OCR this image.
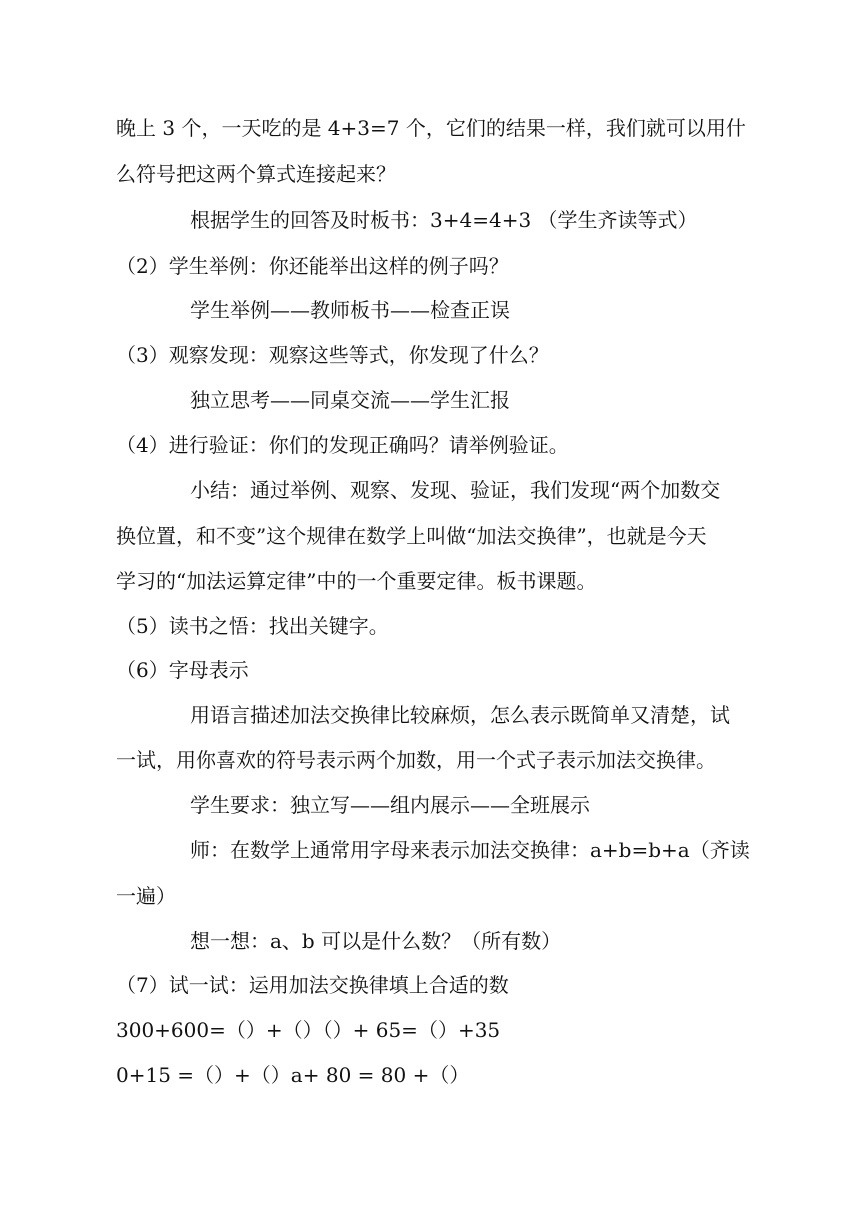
晚上 3 个，一天吃的是 4+3=7 个，它们的结果一样，我们就可以用什
么符号把这两个算式连接起来？
根据学生的回答及时板书：3+4=4+3 （学生齐读等式）
（2）学生举例：你还能举出这样的例子吗？
学生举例——教师板书——检查正误
（3）观察发现：观察这些等式，你发现了什么？
独立思考——同桌交流——学生汇报
（4）进行验证：你们的发现正确吗？请举例验证。
小结：通过举例、观察、发现、验证，我们发现“两个加数交
换位置，和不变”这个规律在数学上叫做“加法交换律”，也就是今天
学习的“加法运算定律”中的一个重要定律。板书课题。
（5）读书之悟：找出关键字。
（6）字母表示
用语言描述加法交换律比较麻烦，怎么表示既简单又清楚，试
一试，用你喜欢的符号表示两个加数，用一个式子表示加法交换律。
学生要求：独立写——组内展示——全班展示
师：在数学上通常用字母来表示加法交换律：a+b=b+a（齐读
一遍）
想一想：a、b 可以是什么数？（所有数）
（7）试一试：运用加法交换律填上合适的数
300+600=（）+（）（）+ 65=（）+35
0+15 =（）+（）a+ 80 = 80 +（）
